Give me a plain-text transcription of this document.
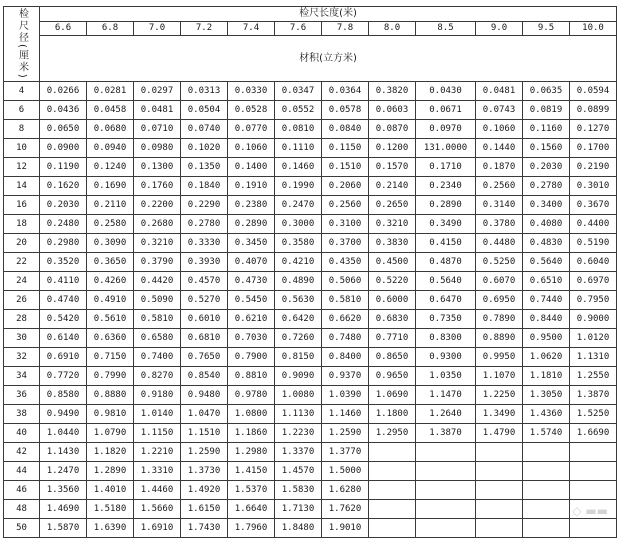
检尺径(厘米)	检尺长度(米)											
	6.6	6.8	7.0	7.2	7.4	7.6	7.8	8.0	8.5	9.0	9.5	10.0
	材积(立方米)											
4	0.0266	0.0281	0.0297	0.0313	0.0330	0.0347	0.0364	0.3820	0.0430	0.0481	0.0635	0.0594
6	0.0436	0.0458	0.0481	0.0504	0.0528	0.0552	0.0578	0.0603	0.0671	0.0743	0.0819	0.0899
8	0.0650	0.0680	0.0710	0.0740	0.0770	0.0810	0.0840	0.0870	0.0970	0.1060	0.1160	0.1270
10	0.0900	0.0940	0.0980	0.1020	0.1060	0.1110	0.1150	0.1200	131.0000	0.1440	0.1560	0.1700
12	0.1190	0.1240	0.1300	0.1350	0.1400	0.1460	0.1510	0.1570	0.1710	0.1870	0.2030	0.2190
14	0.1620	0.1690	0.1760	0.1840	0.1910	0.1990	0.2060	0.2140	0.2340	0.2560	0.2780	0.3010
16	0.2030	0.2110	0.2200	0.2290	0.2380	0.2470	0.2560	0.2650	0.2890	0.3140	0.3400	0.3670
18	0.2480	0.2580	0.2680	0.2780	0.2890	0.3000	0.3100	0.3210	0.3490	0.3780	0.4080	0.4400
20	0.2980	0.3090	0.3210	0.3330	0.3450	0.3580	0.3700	0.3830	0.4150	0.4480	0.4830	0.5190
22	0.3520	0.3650	0.3790	0.3930	0.4070	0.4210	0.4350	0.4500	0.4870	0.5250	0.5640	0.6040
24	0.4110	0.4260	0.4420	0.4570	0.4730	0.4890	0.5060	0.5220	0.5640	0.6070	0.6510	0.6970
26	0.4740	0.4910	0.5090	0.5270	0.5450	0.5630	0.5810	0.6000	0.6470	0.6950	0.7440	0.7950
28	0.5420	0.5610	0.5810	0.6010	0.6210	0.6420	0.6620	0.6830	0.7350	0.7890	0.8440	0.9000
30	0.6140	0.6360	0.6580	0.6810	0.7030	0.7260	0.7480	0.7710	0.8300	0.8890	0.9500	1.0120
32	0.6910	0.7150	0.7400	0.7650	0.7900	0.8150	0.8400	0.8650	0.9300	0.9950	1.0620	1.1310
34	0.7720	0.7990	0.8270	0.8540	0.8810	0.9090	0.9370	0.9650	1.0350	1.1070	1.1810	1.2550
36	0.8580	0.8880	0.9180	0.9480	0.9780	1.0080	1.0390	1.0690	1.1470	1.2250	1.3050	1.3870
38	0.9490	0.9810	1.0140	1.0470	1.0800	1.1130	1.1460	1.1800	1.2640	1.3490	1.4360	1.5250
40	1.0440	1.0790	1.1150	1.1510	1.1860	1.2230	1.2590	1.2950	1.3870	1.4790	1.5740	1.6690
42	1.1430	1.1820	1.2210	1.2590	1.2980	1.3370	1.3770					
44	1.2470	1.2890	1.3310	1.3730	1.4150	1.4570	1.5000					
46	1.3560	1.4010	1.4460	1.4920	1.5370	1.5830	1.6280					
48	1.4690	1.5180	1.5660	1.6150	1.6640	1.7130	1.7620					
50	1.5870	1.6390	1.6910	1.7430	1.7960	1.8480	1.9010					
◇ ▬▬
